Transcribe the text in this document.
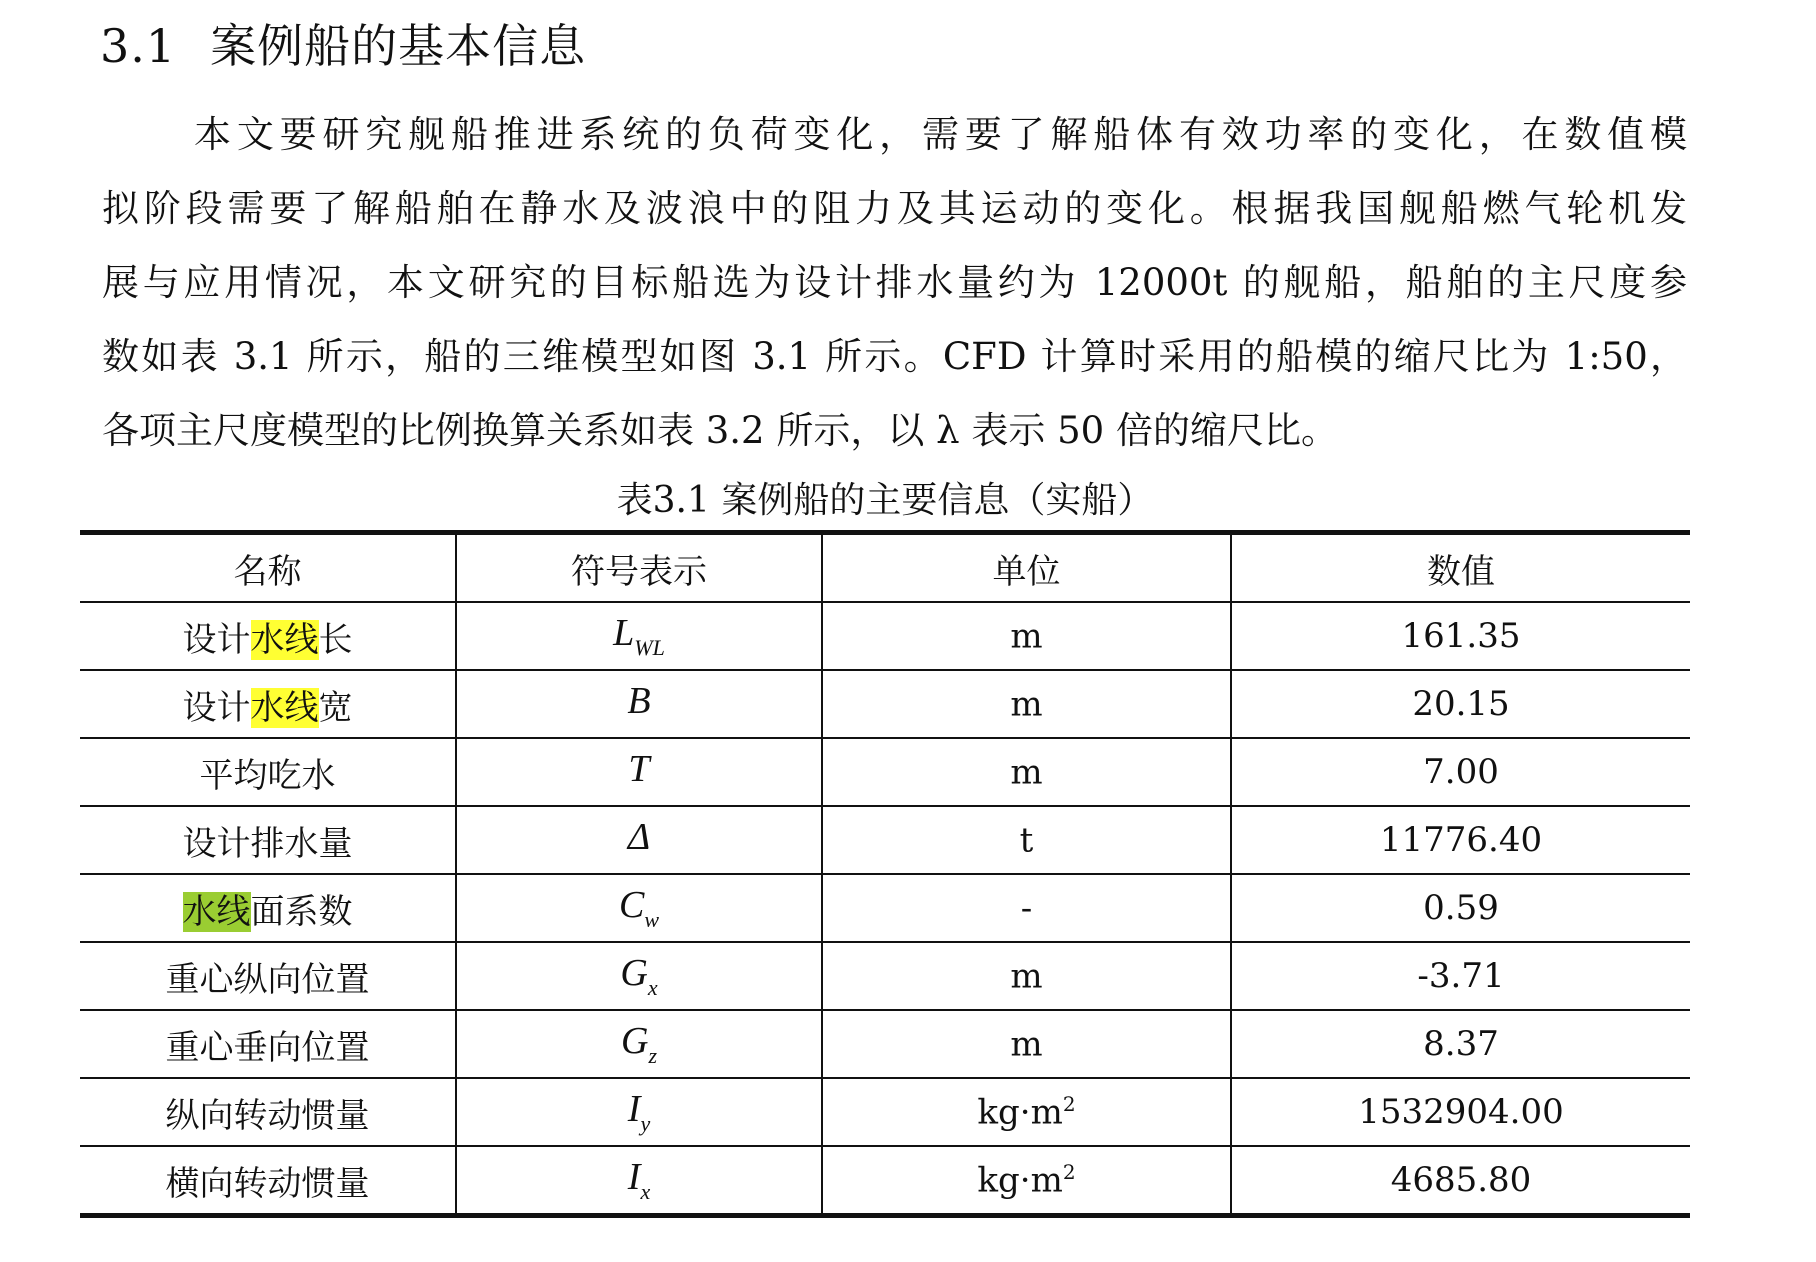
3.1 案例船的基本信息
本文要研究舰船推进系统的负荷变化，需要了解船体有效功率的变化，在数值模
拟阶段需要了解船舶在静水及波浪中的阻力及其运动的变化。根据我国舰船燃气轮机发
展与应用情况，本文研究的目标船选为设计排水量约为 12000t 的舰船，船舶的主尺度参
数如表 3.1 所示，船的三维模型如图 3.1 所示。CFD 计算时采用的船模的缩尺比为 1:50，
各项主尺度模型的比例换算关系如表 3.2 所示，以 λ 表示 50 倍的缩尺比。
表3.1 案例船的主要信息（实船）
名称	符号表示	单位	数值
设计水线长	$L_{WL}$	m	161.35
设计水线宽	B	m	20.15
平均吃水	T	m	7.00
设计排水量	Δ	t	11776.40
水线面系数	$C_w$	-	0.59
重心纵向位置	$G_x$	m	-3.71
重心垂向位置	$G_z$	m	8.37
纵向转动惯量	$I_y$	$kg\cdot m^2$	1532904.00
横向转动惯量	$I_x$	$kg\cdot m^2$	4685.80
